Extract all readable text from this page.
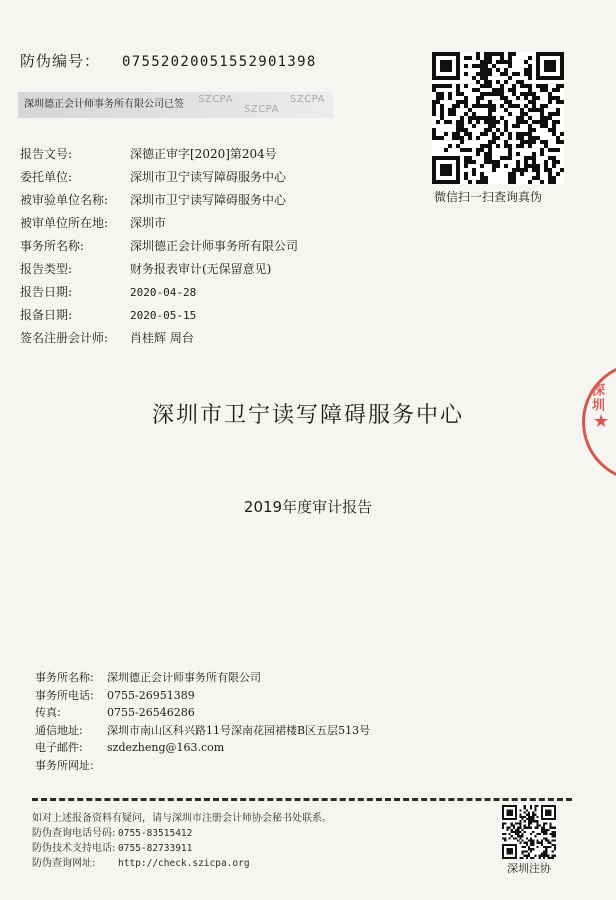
防伪编号： 07552020051552901398
SZCPA
SZCPA
SZCPA
深圳德正会计师事务所有限公司已签
微信扫一扫查询真伪
报告文号:	深德正审字[2020]第204号
委托单位:	深圳市卫宁读写障碍服务中心
被审验单位名称: 深圳市卫宁读写障碍服务中心
被审单位所在地: 深圳市
事务所名称:	深圳德正会计师事务所有限公司
报告类型:	财务报表审计(无保留意见)
报告日期:	2020-04-28
报备日期:	2020-05-15
签名注册会计师: 肖桂辉 周台
深圳市卫宁读写障碍服务中心
2019年度审计报告
★
深圳
事务所名称: 深圳德正会计师事务所有限公司
事务所电话: 0755-26951389
传真:	0755-26546286
通信地址: 深圳市南山区科兴路11号深南花园裙楼B区五层513号
电子邮件: szdezheng@163.com
事务所网址:
如对上述报备资料有疑问，请与深圳市注册会计师协会秘书处联系。
防伪查询电话号码: 0755-83515412
防伪技术支持电话: 0755-82733911
防伪查询网址: http://check.szicpa.org	深圳注协
